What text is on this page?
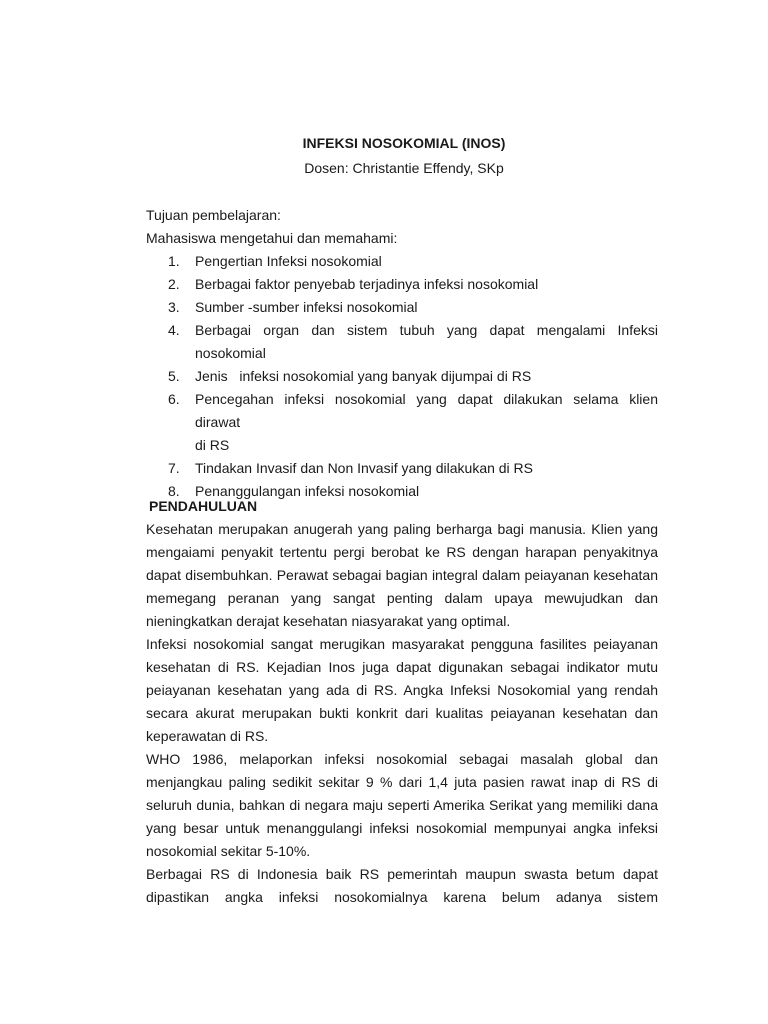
INFEKSI NOSOKOMIAL (INOS)
Dosen: Christantie Effendy, SKp
Tujuan pembelajaran:
Mahasiswa mengetahui dan memahami:
1.	Pengertian Infeksi nosokomial
2.	Berbagai faktor penyebab terjadinya infeksi nosokomial
3.	Sumber -sumber infeksi nosokomial
4.	Berbagai organ dan sistem tubuh yang dapat mengalami Infeksi
nosokomial
5.	Jenis   infeksi nosokomial yang banyak dijumpai di RS
6.	Pencegahan infeksi nosokomial yang dapat dilakukan selama klien dirawat
di RS
7.	Tindakan Invasif dan Non Invasif yang dilakukan di RS
8.	Penanggulangan infeksi nosokomial
PENDAHULUAN

Kesehatan merupakan anugerah yang paling berharga bagi manusia. Klien yang
mengaiami penyakit tertentu pergi berobat ke RS dengan harapan penyakitnya
dapat disembuhkan. Perawat sebagai bagian integral dalam peiayanan kesehatan
memegang peranan yang sangat penting dalam upaya mewujudkan dan
nieningkatkan derajat kesehatan niasyarakat yang optimal.

Infeksi nosokomial sangat merugikan masyarakat pengguna fasilites peiayanan
kesehatan di RS. Kejadian Inos juga dapat digunakan sebagai indikator mutu
peiayanan kesehatan yang ada di RS. Angka Infeksi Nosokomial yang rendah
secara akurat merupakan bukti konkrit dari kualitas peiayanan kesehatan dan
keperawatan di RS.

WHO 1986, melaporkan infeksi nosokomial sebagai masalah global dan
menjangkau paling sedikit sekitar 9 % dari 1,4 juta pasien rawat inap di RS di
seluruh dunia, bahkan di negara maju seperti Amerika Serikat yang memiliki dana
yang besar untuk menanggulangi infeksi nosokomial mempunyai angka infeksi
nosokomial sekitar 5-10%.

Berbagai RS di Indonesia baik RS pemerintah maupun swasta betum dapat
dipastikan angka infeksi nosokomialnya karena belum adanya sistem
